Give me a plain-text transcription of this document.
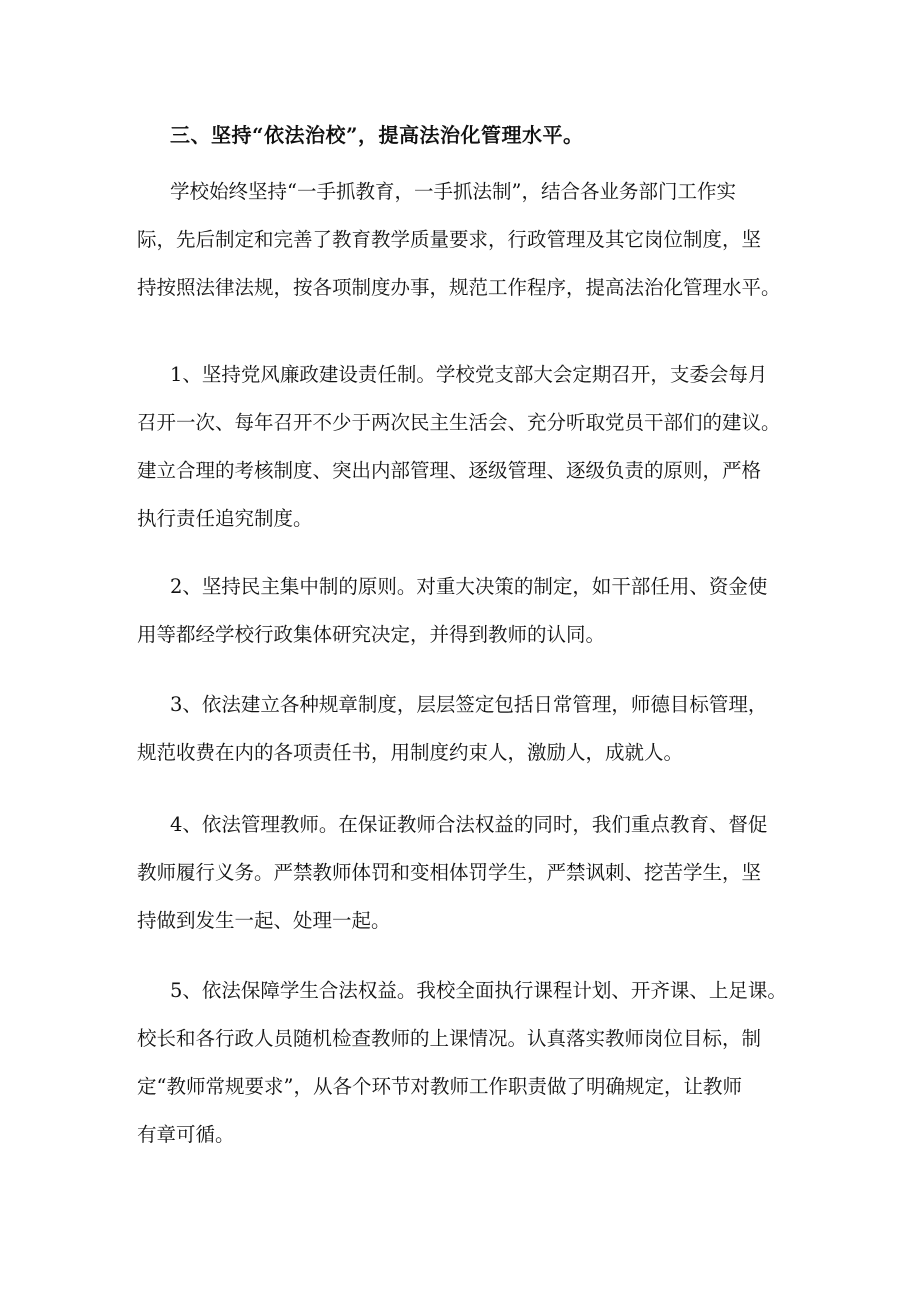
三、坚持“依法治校”，提高法治化管理水平。
学校始终坚持“一手抓教育，一手抓法制”，结合各业务部门工作实
际，先后制定和完善了教育教学质量要求，行政管理及其它岗位制度，坚
持按照法律法规，按各项制度办事，规范工作程序，提高法治化管理水平。
1、坚持党风廉政建设责任制。学校党支部大会定期召开，支委会每月
召开一次、每年召开不少于两次民主生活会、充分听取党员干部们的建议。
建立合理的考核制度、突出内部管理、逐级管理、逐级负责的原则，严格
执行责任追究制度。
2、坚持民主集中制的原则。对重大决策的制定，如干部任用、资金使
用等都经学校行政集体研究决定，并得到教师的认同。
3、依法建立各种规章制度，层层签定包括日常管理，师德目标管理，
规范收费在内的各项责任书，用制度约束人，激励人，成就人。
4、依法管理教师。在保证教师合法权益的同时，我们重点教育、督促
教师履行义务。严禁教师体罚和变相体罚学生，严禁讽刺、挖苦学生，坚
持做到发生一起、处理一起。
5、依法保障学生合法权益。我校全面执行课程计划、开齐课、上足课。
校长和各行政人员随机检查教师的上课情况。认真落实教师岗位目标，制
定“教师常规要求”，从各个环节对教师工作职责做了明确规定，让教师
有章可循。
